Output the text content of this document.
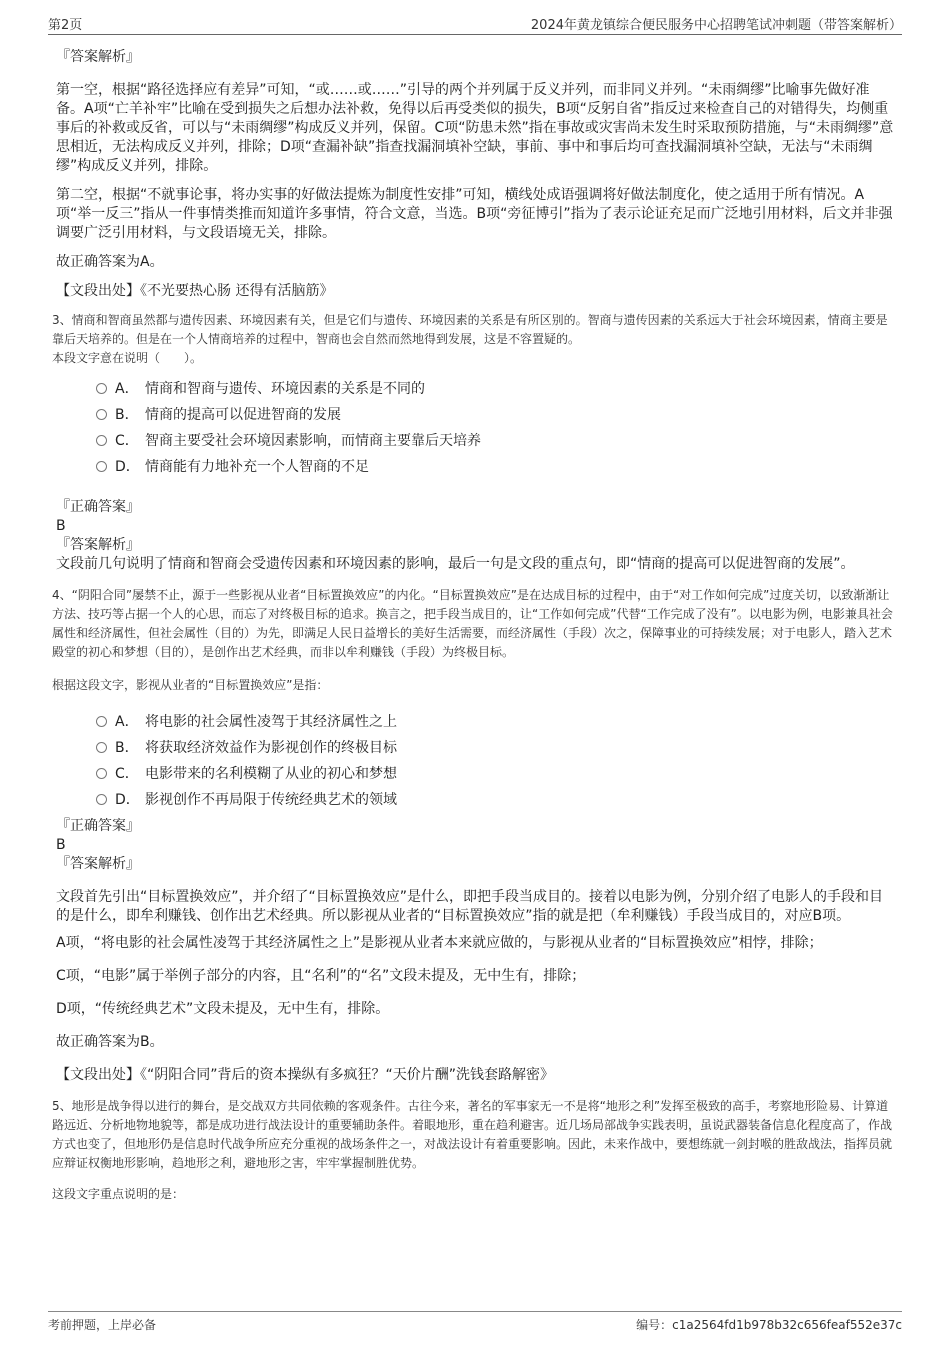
第2页	2024年黄龙镇综合便民服务中心招聘笔试冲刺题（带答案解析）

『答案解析』

第一空，根据“路径选择应有差异”可知，“或……或……”引导的两个并列属于反义并列，而非同义并列。“未雨绸缪”比喻事先做好准备。A项“亡羊补牢”比喻在受到损失之后想办法补救，免得以后再受类似的损失，B项“反躬自省”指反过来检查自己的对错得失，均侧重事后的补救或反省，可以与“未雨绸缪”构成反义并列，保留。C项“防患未然”指在事故或灾害尚未发生时采取预防措施，与“未雨绸缪”意思相近，无法构成反义并列，排除；D项“查漏补缺”指查找漏洞填补空缺，事前、事中和事后均可查找漏洞填补空缺，无法与“未雨绸缪”构成反义并列，排除。

第二空，根据“不就事论事，将办实事的好做法提炼为制度性安排”可知，横线处成语强调将好做法制度化，使之适用于所有情况。A项“举一反三”指从一件事情类推而知道许多事情，符合文意，当选。B项“旁征博引”指为了表示论证充足而广泛地引用材料，后文并非强调要广泛引用材料，与文段语境无关，排除。

故正确答案为A。

【文段出处】《不光要热心肠 还得有活脑筋》

3、情商和智商虽然都与遗传因素、环境因素有关，但是它们与遗传、环境因素的关系是有所区别的。智商与遗传因素的关系远大于社会环境因素，情商主要是靠后天培养的。但是在一个人情商培养的过程中，智商也会自然而然地得到发展，这是不容置疑的。

本段文字意在说明（　　）。

A． 情商和智商与遗传、环境因素的关系是不同的
B． 情商的提高可以促进智商的发展
C． 智商主要受社会环境因素影响，而情商主要靠后天培养
D． 情商能有力地补充一个人智商的不足

『正确答案』

B

『答案解析』

文段前几句说明了情商和智商会受遗传因素和环境因素的影响，最后一句是文段的重点句，即“情商的提高可以促进智商的发展”。

4、“阴阳合同”屡禁不止，源于一些影视从业者“目标置换效应”的内化。“目标置换效应”是在达成目标的过程中，由于“对工作如何完成”过度关切，以致渐渐让方法、技巧等占据一个人的心思，而忘了对终极目标的追求。换言之，把手段当成目的，让“工作如何完成”代替“工作完成了没有”。以电影为例，电影兼具社会属性和经济属性，但社会属性（目的）为先，即满足人民日益增长的美好生活需要，而经济属性（手段）次之，保障事业的可持续发展；对于电影人，踏入艺术殿堂的初心和梦想（目的），是创作出艺术经典，而非以牟利赚钱（手段）为终极目标。

根据这段文字，影视从业者的“目标置换效应”是指：

A． 将电影的社会属性凌驾于其经济属性之上
B． 将获取经济效益作为影视创作的终极目标
C． 电影带来的名利模糊了从业的初心和梦想
D． 影视创作不再局限于传统经典艺术的领域

『正确答案』

B

『答案解析』

文段首先引出“目标置换效应”，并介绍了“目标置换效应”是什么，即把手段当成目的。接着以电影为例，分别介绍了电影人的手段和目的是什么，即牟利赚钱、创作出艺术经典。所以影视从业者的“目标置换效应”指的就是把（牟利赚钱）手段当成目的，对应B项。

A项，“将电影的社会属性凌驾于其经济属性之上”是影视从业者本来就应做的，与影视从业者的“目标置换效应”相悖，排除；

C项，“电影”属于举例子部分的内容，且“名利”的“名”文段未提及，无中生有，排除；

D项，“传统经典艺术”文段未提及，无中生有，排除。

故正确答案为B。

【文段出处】《“阴阳合同”背后的资本操纵有多疯狂？“天价片酬”洗钱套路解密》

5、地形是战争得以进行的舞台，是交战双方共同依赖的客观条件。古往今来，著名的军事家无一不是将“地形之利”发挥至极致的高手，考察地形险易、计算道路远近、分析地物地貌等，都是成功进行战法设计的重要辅助条件。着眼地形，重在趋利避害。近几场局部战争实践表明，虽说武器装备信息化程度高了，作战方式也变了，但地形仍是信息时代战争所应充分重视的战场条件之一，对战法设计有着重要影响。因此，未来作战中，要想练就一剑封喉的胜敌战法，指挥员就应辩证权衡地形影响，趋地形之利，避地形之害，牢牢掌握制胜优势。

这段文字重点说明的是：

考前押题，上岸必备	编号：c1a2564fd1b978b32c656feaf552e37c
